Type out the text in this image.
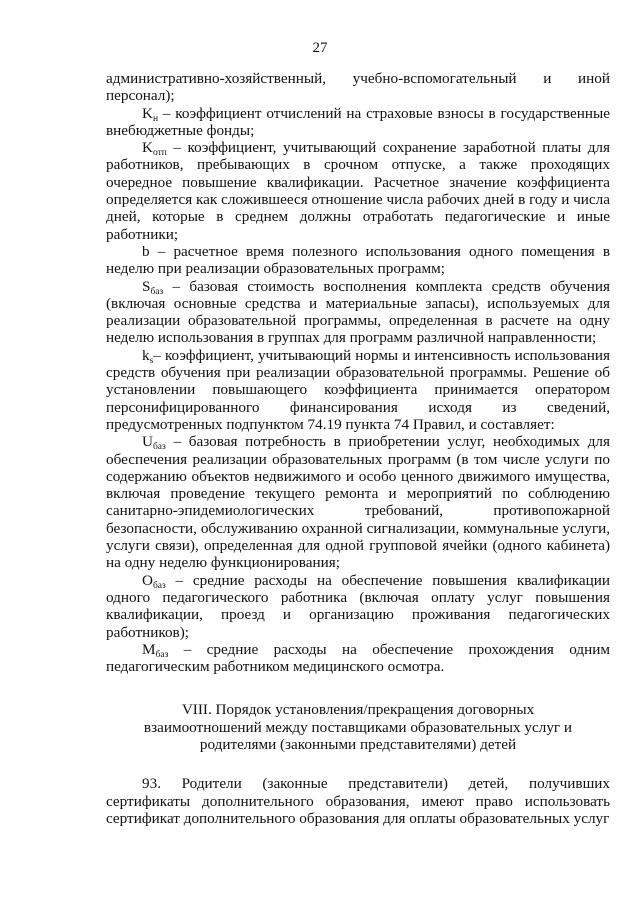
27

административно-хозяйственный, учебно-вспомогательный и иной персонал);

$K_н$ – коэффициент отчислений на страховые взносы в государственные внебюджетные фонды;

$K_{отп}$ – коэффициент, учитывающий сохранение заработной платы для работников, пребывающих в срочном отпуске, а также проходящих очередное повышение квалификации. Расчетное значение коэффициента определяется как сложившееся отношение числа рабочих дней в году и числа дней, которые в среднем должны отработать педагогические и иные работники;

b – расчетное время полезного использования одного помещения в неделю при реализации образовательных программ;

$S_{баз}$ – базовая стоимость восполнения комплекта средств обучения (включая основные средства и материальные запасы), используемых для реализации образовательной программы, определенная в расчете на одну неделю использования в группах для программ различной направленности;

$k_s-$ коэффициент, учитывающий нормы и интенсивность использования средств обучения при реализации образовательной программы. Решение об установлении повышающего коэффициента принимается оператором персонифицированного финансирования исходя из сведений, предусмотренных подпунктом 74.19 пункта 74 Правил, и составляет:

$U_{баз}$ – базовая потребность в приобретении услуг, необходимых для обеспечения реализации образовательных программ (в том числе услуги по содержанию объектов недвижимого и особо ценного движимого имущества, включая проведение текущего ремонта и мероприятий по соблюдению санитарно-эпидемиологических требований, противопожарной безопасности, обслуживанию охранной сигнализации, коммунальные услуги, услуги связи), определенная для одной групповой ячейки (одного кабинета) на одну неделю функционирования;

$O_{баз}$ – средние расходы на обеспечение повышения квалификации одного педагогического работника (включая оплату услуг повышения квалификации, проезд и организацию проживания педагогических работников);

$M_{баз}$ – средние расходы на обеспечение прохождения одним педагогическим работником медицинского осмотра.

VIII. Порядок установления/прекращения договорных
взаимоотношений между поставщиками образовательных услуг и
родителями (законными представителями) детей

93. Родители (законные представители) детей, получивших сертификаты дополнительного образования, имеют право использовать сертификат дополнительного образования для оплаты образовательных услуг
